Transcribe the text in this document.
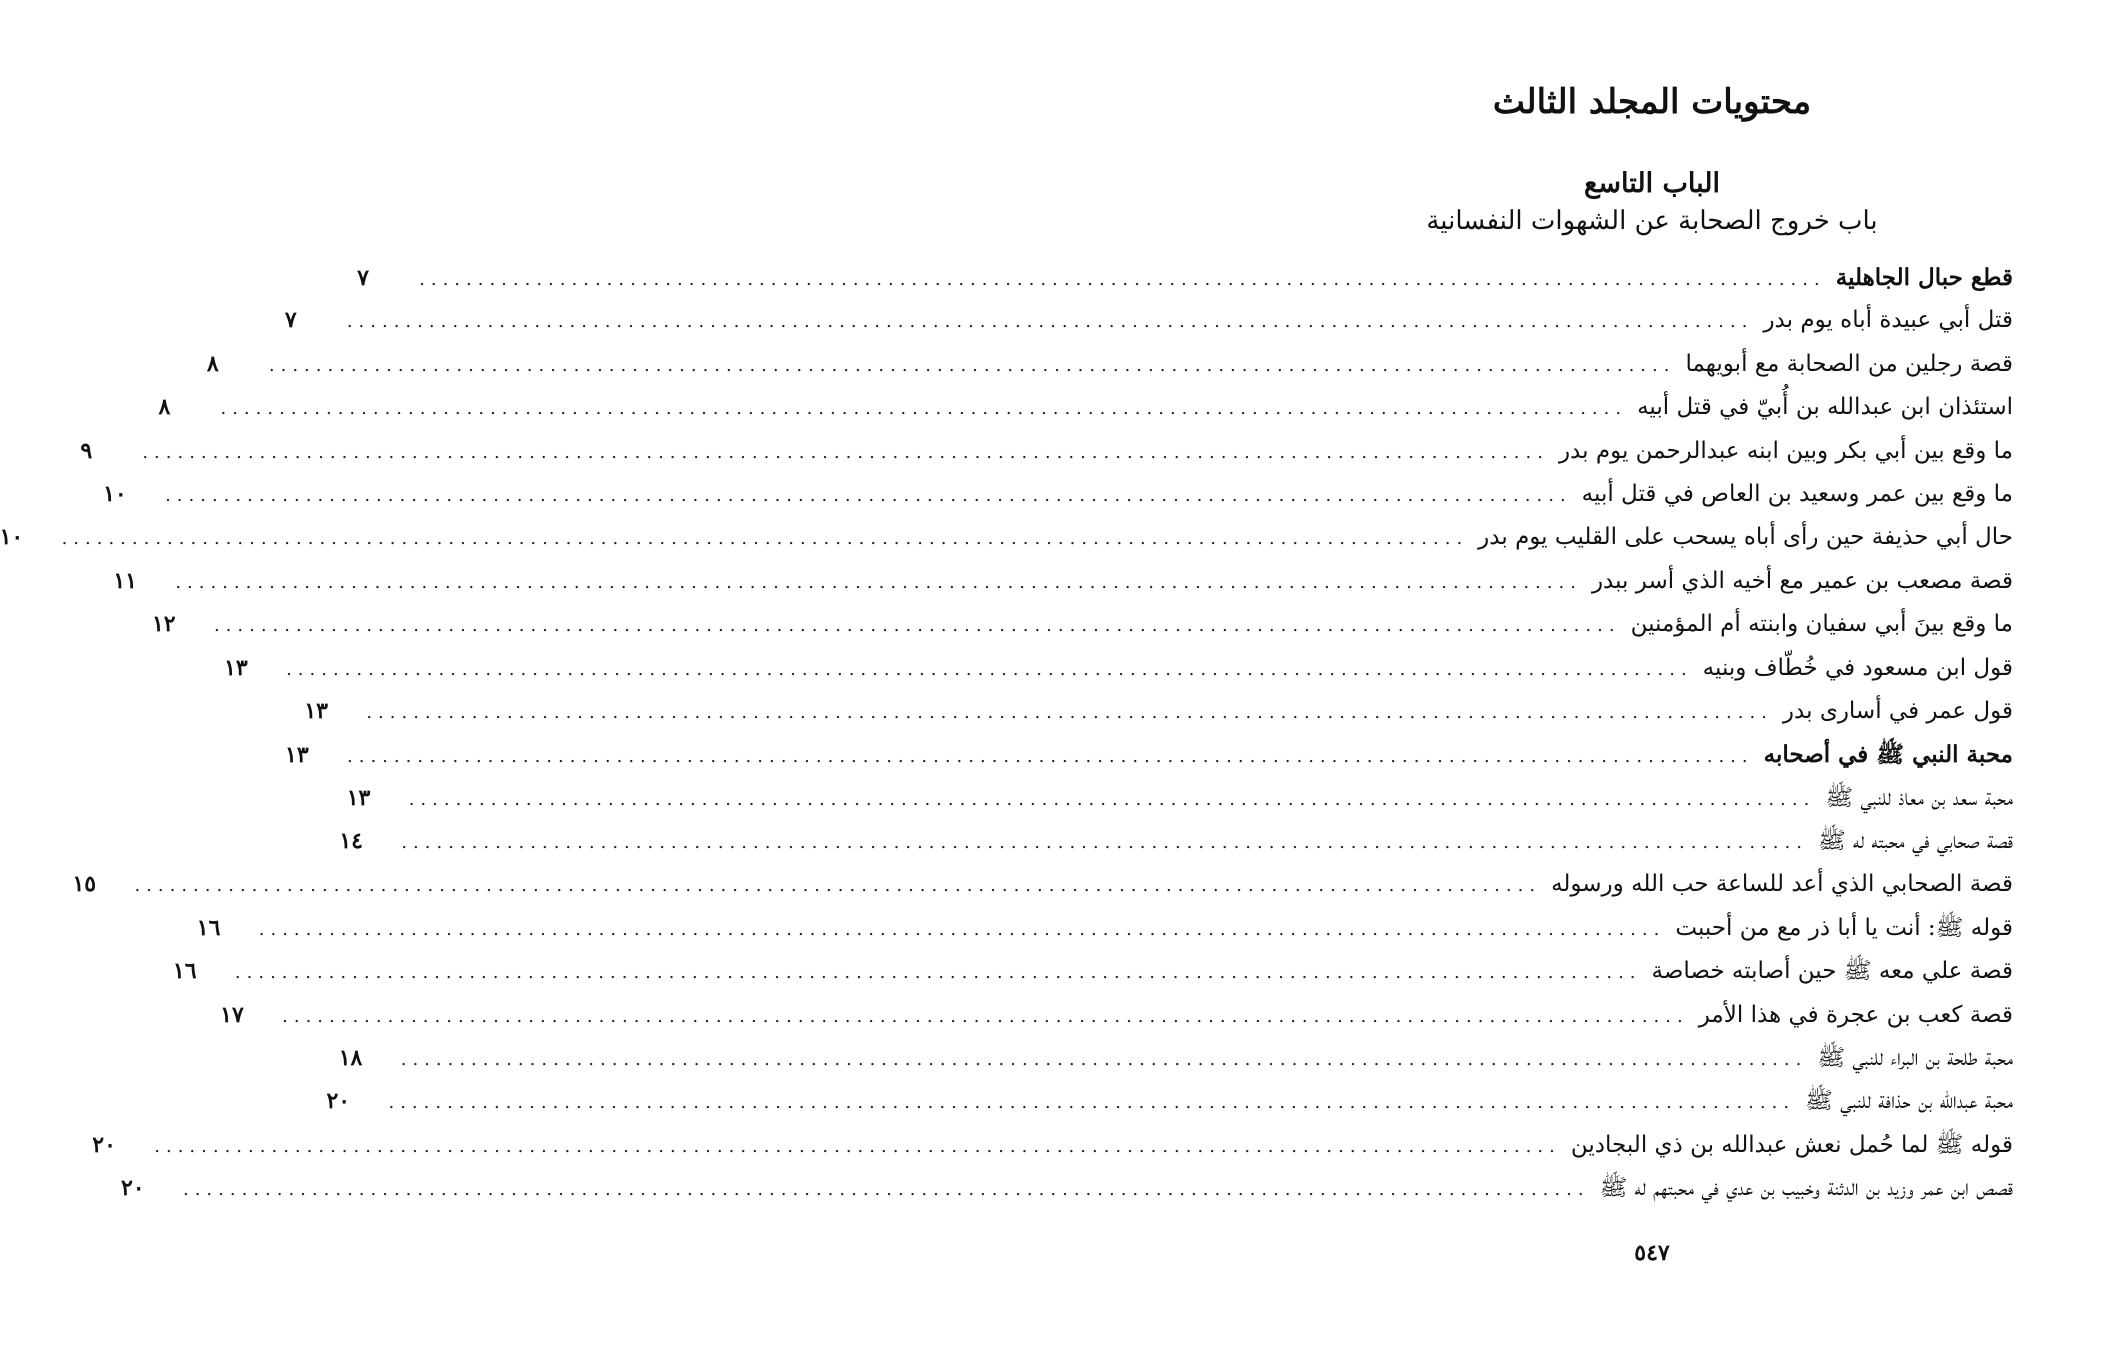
محتويات المجلد الثالث
الباب التاسع
باب خروج الصحابة عن الشهوات النفسانية
قطع حبال الجاهلية
........................................................................................................................
٧
قتل أبي عبيدة أباه يوم بدر
........................................................................................................................
٧
قصة رجلين من الصحابة مع أبويهما
........................................................................................................................
٨
استئذان ابن عبدالله بن أُبيّ في قتل أبيه
........................................................................................................................
٨
ما وقع بين أبي بكر وبين ابنه عبدالرحمن يوم بدر
........................................................................................................................
٩
ما وقع بين عمر وسعيد بن العاص في قتل أبيه
........................................................................................................................
١٠
حال أبي حذيفة حين رأى أباه يسحب على القليب يوم بدر
........................................................................................................................
١٠
قصة مصعب بن عمير مع أخيه الذي أسر ببدر
........................................................................................................................
١١
ما وقع بينَ أبي سفيان وابنته أم المؤمنين
........................................................................................................................
١٢
قول ابن مسعود في خُطّاف وبنيه
........................................................................................................................
١٣
قول عمر في أسارى بدر
........................................................................................................................
١٣
محبة النبي ﷺ في أصحابه
........................................................................................................................
١٣
محبة سعد بن معاذ للنبي ﷺ
........................................................................................................................
١٣
قصة صحابي في محبته له ﷺ
........................................................................................................................
١٤
قصة الصحابي الذي أعد للساعة حب الله ورسوله
........................................................................................................................
١٥
قوله ﷺ: أنت يا أبا ذر مع من أحببت
........................................................................................................................
١٦
قصة علي معه ﷺ حين أصابته خصاصة
........................................................................................................................
١٦
قصة كعب بن عجرة في هذا الأمر
........................................................................................................................
١٧
محبة طلحة بن البراء للنبي ﷺ
........................................................................................................................
١٨
محبة عبدالله بن حذافة للنبي ﷺ
........................................................................................................................
٢٠
قوله ﷺ لما حُمل نعش عبدالله بن ذي البجادين
........................................................................................................................
٢٠
قصص ابن عمر وزيد بن الدثنة وخبيب بن عدي في محبتهم له ﷺ
........................................................................................................................
٢٠
٥٤٧
